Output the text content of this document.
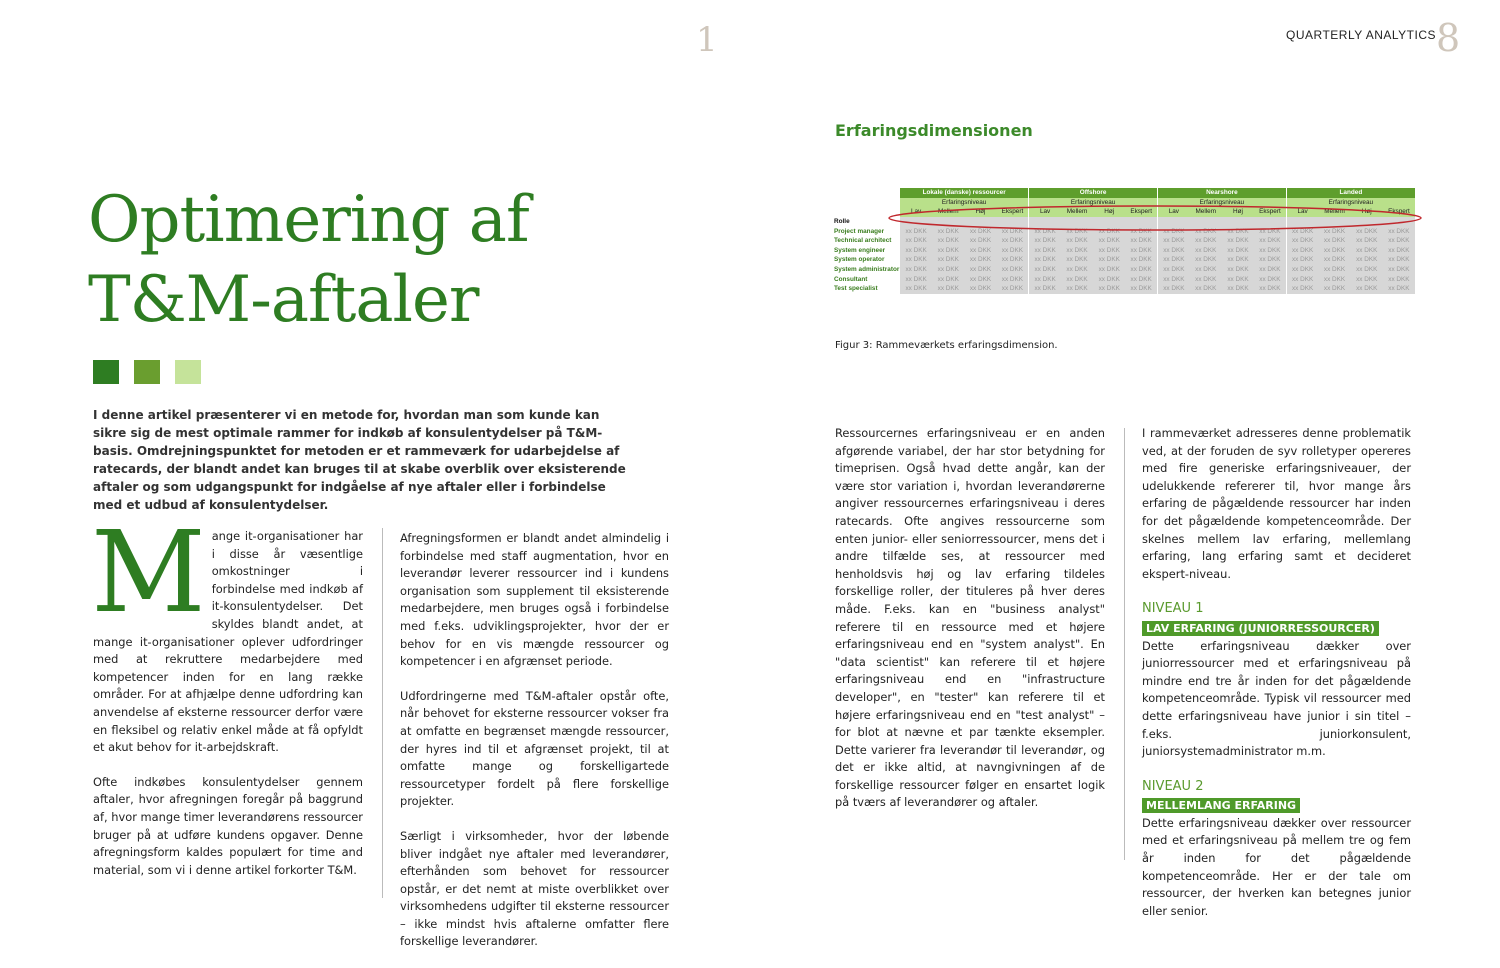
1	QUARTERLY ANALYTICS 8
Optimering af
T&M-aftaler
I denne artikel præsenterer vi en metode for, hvordan man som kunde kan sikre sig de mest optimale rammer for indkøb af konsulentydelser på T&M-basis. Omdrejningspunktet for metoden er et rammeværk for udarbejdelse af ratecards, der blandt andet kan bruges til at skabe overblik over eksisterende aftaler og som udgangspunkt for indgåelse af nye aftaler eller i forbindelse med et udbud af konsulentydelser.

Mange it-organisationer har i disse år væsentlige omkostninger i forbindelse med indkøb af it-konsulentydelser. Det skyldes blandt andet, at mange it-organisationer oplever udfordringer med at rekruttere medarbejdere med kompetencer inden for en lang række områder. For at afhjælpe denne udfordring kan anvendelse af eksterne ressourcer derfor være en fleksibel og relativ enkel måde at få opfyldt et akut behov for it-arbejdskraft.

Ofte indkøbes konsulentydelser gennem aftaler, hvor afregningen foregår på baggrund af, hvor mange timer leverandørens ressourcer bruger på at udføre kundens opgaver. Denne afregningsform kaldes populært for time and material, som vi i denne artikel forkorter T&M.

Afregningsformen er blandt andet almindelig i forbindelse med staff augmentation, hvor en leverandør leverer ressourcer ind i kundens organisation som supplement til eksisterende medarbejdere, men bruges også i forbindelse med f.eks. udviklingsprojekter, hvor der er behov for en vis mængde ressourcer og kompetencer i en afgrænset periode.

Udfordringerne med T&M-aftaler opstår ofte, når behovet for eksterne ressourcer vokser fra at omfatte en begrænset mængde ressourcer, der hyres ind til et afgrænset projekt, til at omfatte mange og forskelligartede ressourcetyper fordelt på flere forskellige projekter.

Særligt i virksomheder, hvor der løbende bliver indgået nye aftaler med leverandører, efterhånden som behovet for ressourcer opstår, er det nemt at miste overblikket over virksomhedens udgifter til eksterne ressourcer – ikke mindst hvis aftalerne omfatter flere forskellige leverandører.

Erfaringsdimensionen
	Lokale (danske) ressourcer				Offshore				Nearshore				Landed			
	Erfaringsniveau				Erfaringsniveau				Erfaringsniveau				Erfaringsniveau			
	Lav	Mellem	Høj	Ekspert	Lav	Mellem	Høj	Ekspert	Lav	Mellem	Høj	Ekspert	Lav	Mellem	Høj	Ekspert
Rolle																
Project manager	xx DKK	xx DKK	xx DKK	xx DKK	xx DKK	xx DKK	xx DKK	xx DKK	xx DKK	xx DKK	xx DKK	xx DKK	xx DKK	xx DKK	xx DKK	xx DKK
Technical architect	xx DKK	xx DKK	xx DKK	xx DKK	xx DKK	xx DKK	xx DKK	xx DKK	xx DKK	xx DKK	xx DKK	xx DKK	xx DKK	xx DKK	xx DKK	xx DKK
System engineer	xx DKK	xx DKK	xx DKK	xx DKK	xx DKK	xx DKK	xx DKK	xx DKK	xx DKK	xx DKK	xx DKK	xx DKK	xx DKK	xx DKK	xx DKK	xx DKK
System operator	xx DKK	xx DKK	xx DKK	xx DKK	xx DKK	xx DKK	xx DKK	xx DKK	xx DKK	xx DKK	xx DKK	xx DKK	xx DKK	xx DKK	xx DKK	xx DKK
System administrator	xx DKK	xx DKK	xx DKK	xx DKK	xx DKK	xx DKK	xx DKK	xx DKK	xx DKK	xx DKK	xx DKK	xx DKK	xx DKK	xx DKK	xx DKK	xx DKK
Consultant	xx DKK	xx DKK	xx DKK	xx DKK	xx DKK	xx DKK	xx DKK	xx DKK	xx DKK	xx DKK	xx DKK	xx DKK	xx DKK	xx DKK	xx DKK	xx DKK
Test specialist	xx DKK	xx DKK	xx DKK	xx DKK	xx DKK	xx DKK	xx DKK	xx DKK	xx DKK	xx DKK	xx DKK	xx DKK	xx DKK	xx DKK	xx DKK	xx DKK
Figur 3: Rammeværkets erfaringsdimension.

Ressourcernes erfaringsniveau er en anden afgørende variabel, der har stor betydning for timeprisen. Også hvad dette angår, kan der være stor variation i, hvordan leverandørerne angiver ressourcernes erfaringsniveau i deres ratecards. Ofte angives ressourcerne som enten junior- eller seniorressourcer, mens det i andre tilfælde ses, at ressourcer med henholdsvis høj og lav erfaring tildeles forskellige roller, der tituleres på hver deres måde. F.eks. kan en "business analyst" referere til en ressource med et højere erfaringsniveau end en "system analyst". En "data scientist" kan referere til et højere erfaringsniveau end en "infrastructure developer", en "tester" kan referere til et højere erfaringsniveau end en "test analyst" – for blot at nævne et par tænkte eksempler. Dette varierer fra leverandør til leverandør, og det er ikke altid, at navngivningen af de forskellige ressourcer følger en ensartet logik på tværs af leverandører og aftaler.

I rammeværket adresseres denne problematik ved, at der foruden de syv rolletyper opereres med fire generiske erfaringsniveauer, der udelukkende refererer til, hvor mange års erfaring de pågældende ressourcer har inden for det pågældende kompetenceområde. Der skelnes mellem lav erfaring, mellemlang erfaring, lang erfaring samt et decideret ekspert-niveau.

NIVEAU 1
LAV ERFARING (JUNIORRESSOURCER)

Dette erfaringsniveau dækker over juniorressourcer med et erfaringsniveau på mindre end tre år inden for det pågældende kompetenceområde. Typisk vil ressourcer med dette erfaringsniveau have junior i sin titel – f.eks. juniorkonsulent, juniorsystemadministrator m.m.

NIVEAU 2
MELLEMLANG ERFARING

Dette erfaringsniveau dækker over ressourcer med et erfaringsniveau på mellem tre og fem år inden for det pågældende kompetenceområde. Her er der tale om ressourcer, der hverken kan betegnes junior eller senior.
